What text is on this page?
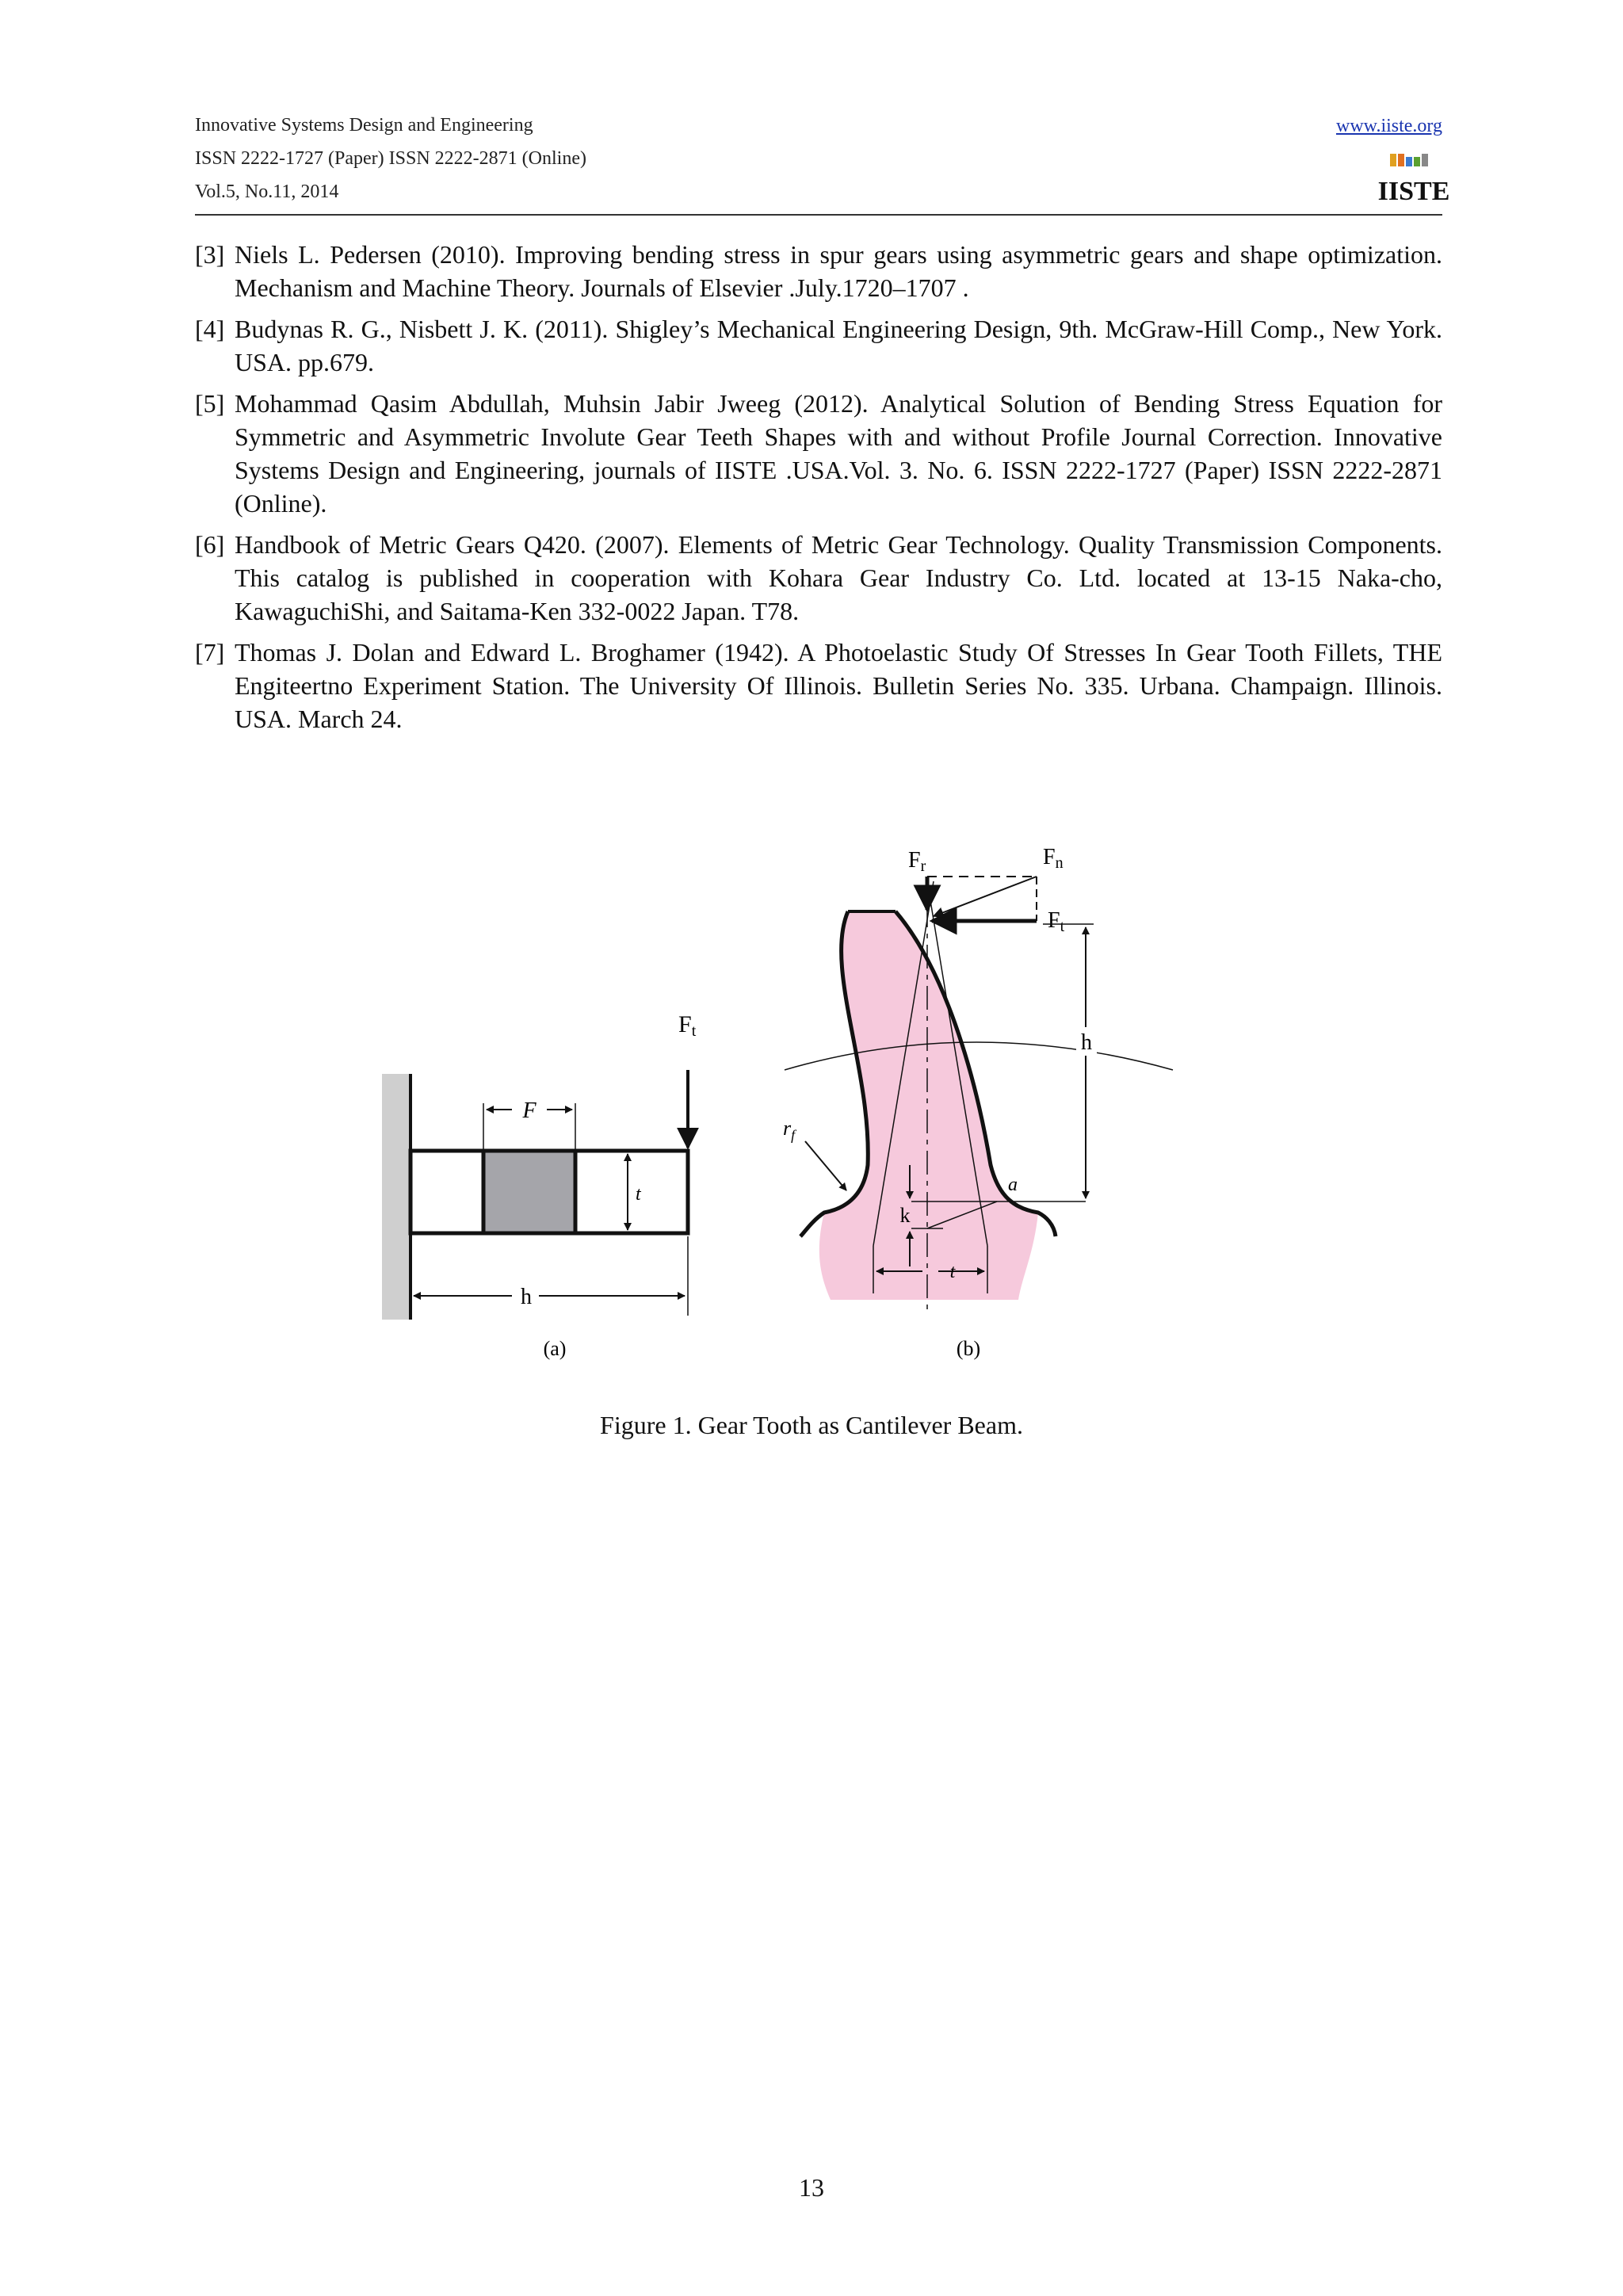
Innovative Systems Design and Engineering
ISSN 2222-1727 (Paper) ISSN 2222-2871 (Online)
Vol.5, No.11, 2014
www.iiste.org
IISTE
[3] Niels L. Pedersen (2010). Improving bending stress in spur gears using asymmetric gears and shape optimization. Mechanism and Machine Theory. Journals of Elsevier .July.1720–1707 .
[4] Budynas R. G., Nisbett J. K. (2011). Shigley’s Mechanical Engineering Design, 9th. McGraw-Hill Comp., New York. USA. pp.679.
[5] Mohammad Qasim Abdullah, Muhsin Jabir Jweeg (2012). Analytical Solution of Bending Stress Equation for Symmetric and Asymmetric Involute Gear Teeth Shapes with and without Profile Journal Correction. Innovative Systems Design and Engineering, journals of IISTE .USA.Vol. 3. No. 6. ISSN 2222-1727 (Paper) ISSN 2222-2871 (Online).
[6] Handbook of Metric Gears Q420. (2007). Elements of Metric Gear Technology. Quality Transmission Components. This catalog is published in cooperation with Kohara Gear Industry Co. Ltd. located at 13-15 Naka-cho, KawaguchiShi, and Saitama-Ken 332-0022 Japan. T78.
[7] Thomas J. Dolan and Edward L. Broghamer (1942). A Photoelastic Study Of Stresses In Gear Tooth Fillets, THE Engiteertno Experiment Station. The University Of Illinois. Bulletin Series No. 335. Urbana. Champaign. Illinois. USA. March 24.
Ft
F
t
h
(a)
Fr	Fn
Ft
h
a
k
$r_f$
t
(b)
Figure 1. Gear Tooth as Cantilever Beam.
13
